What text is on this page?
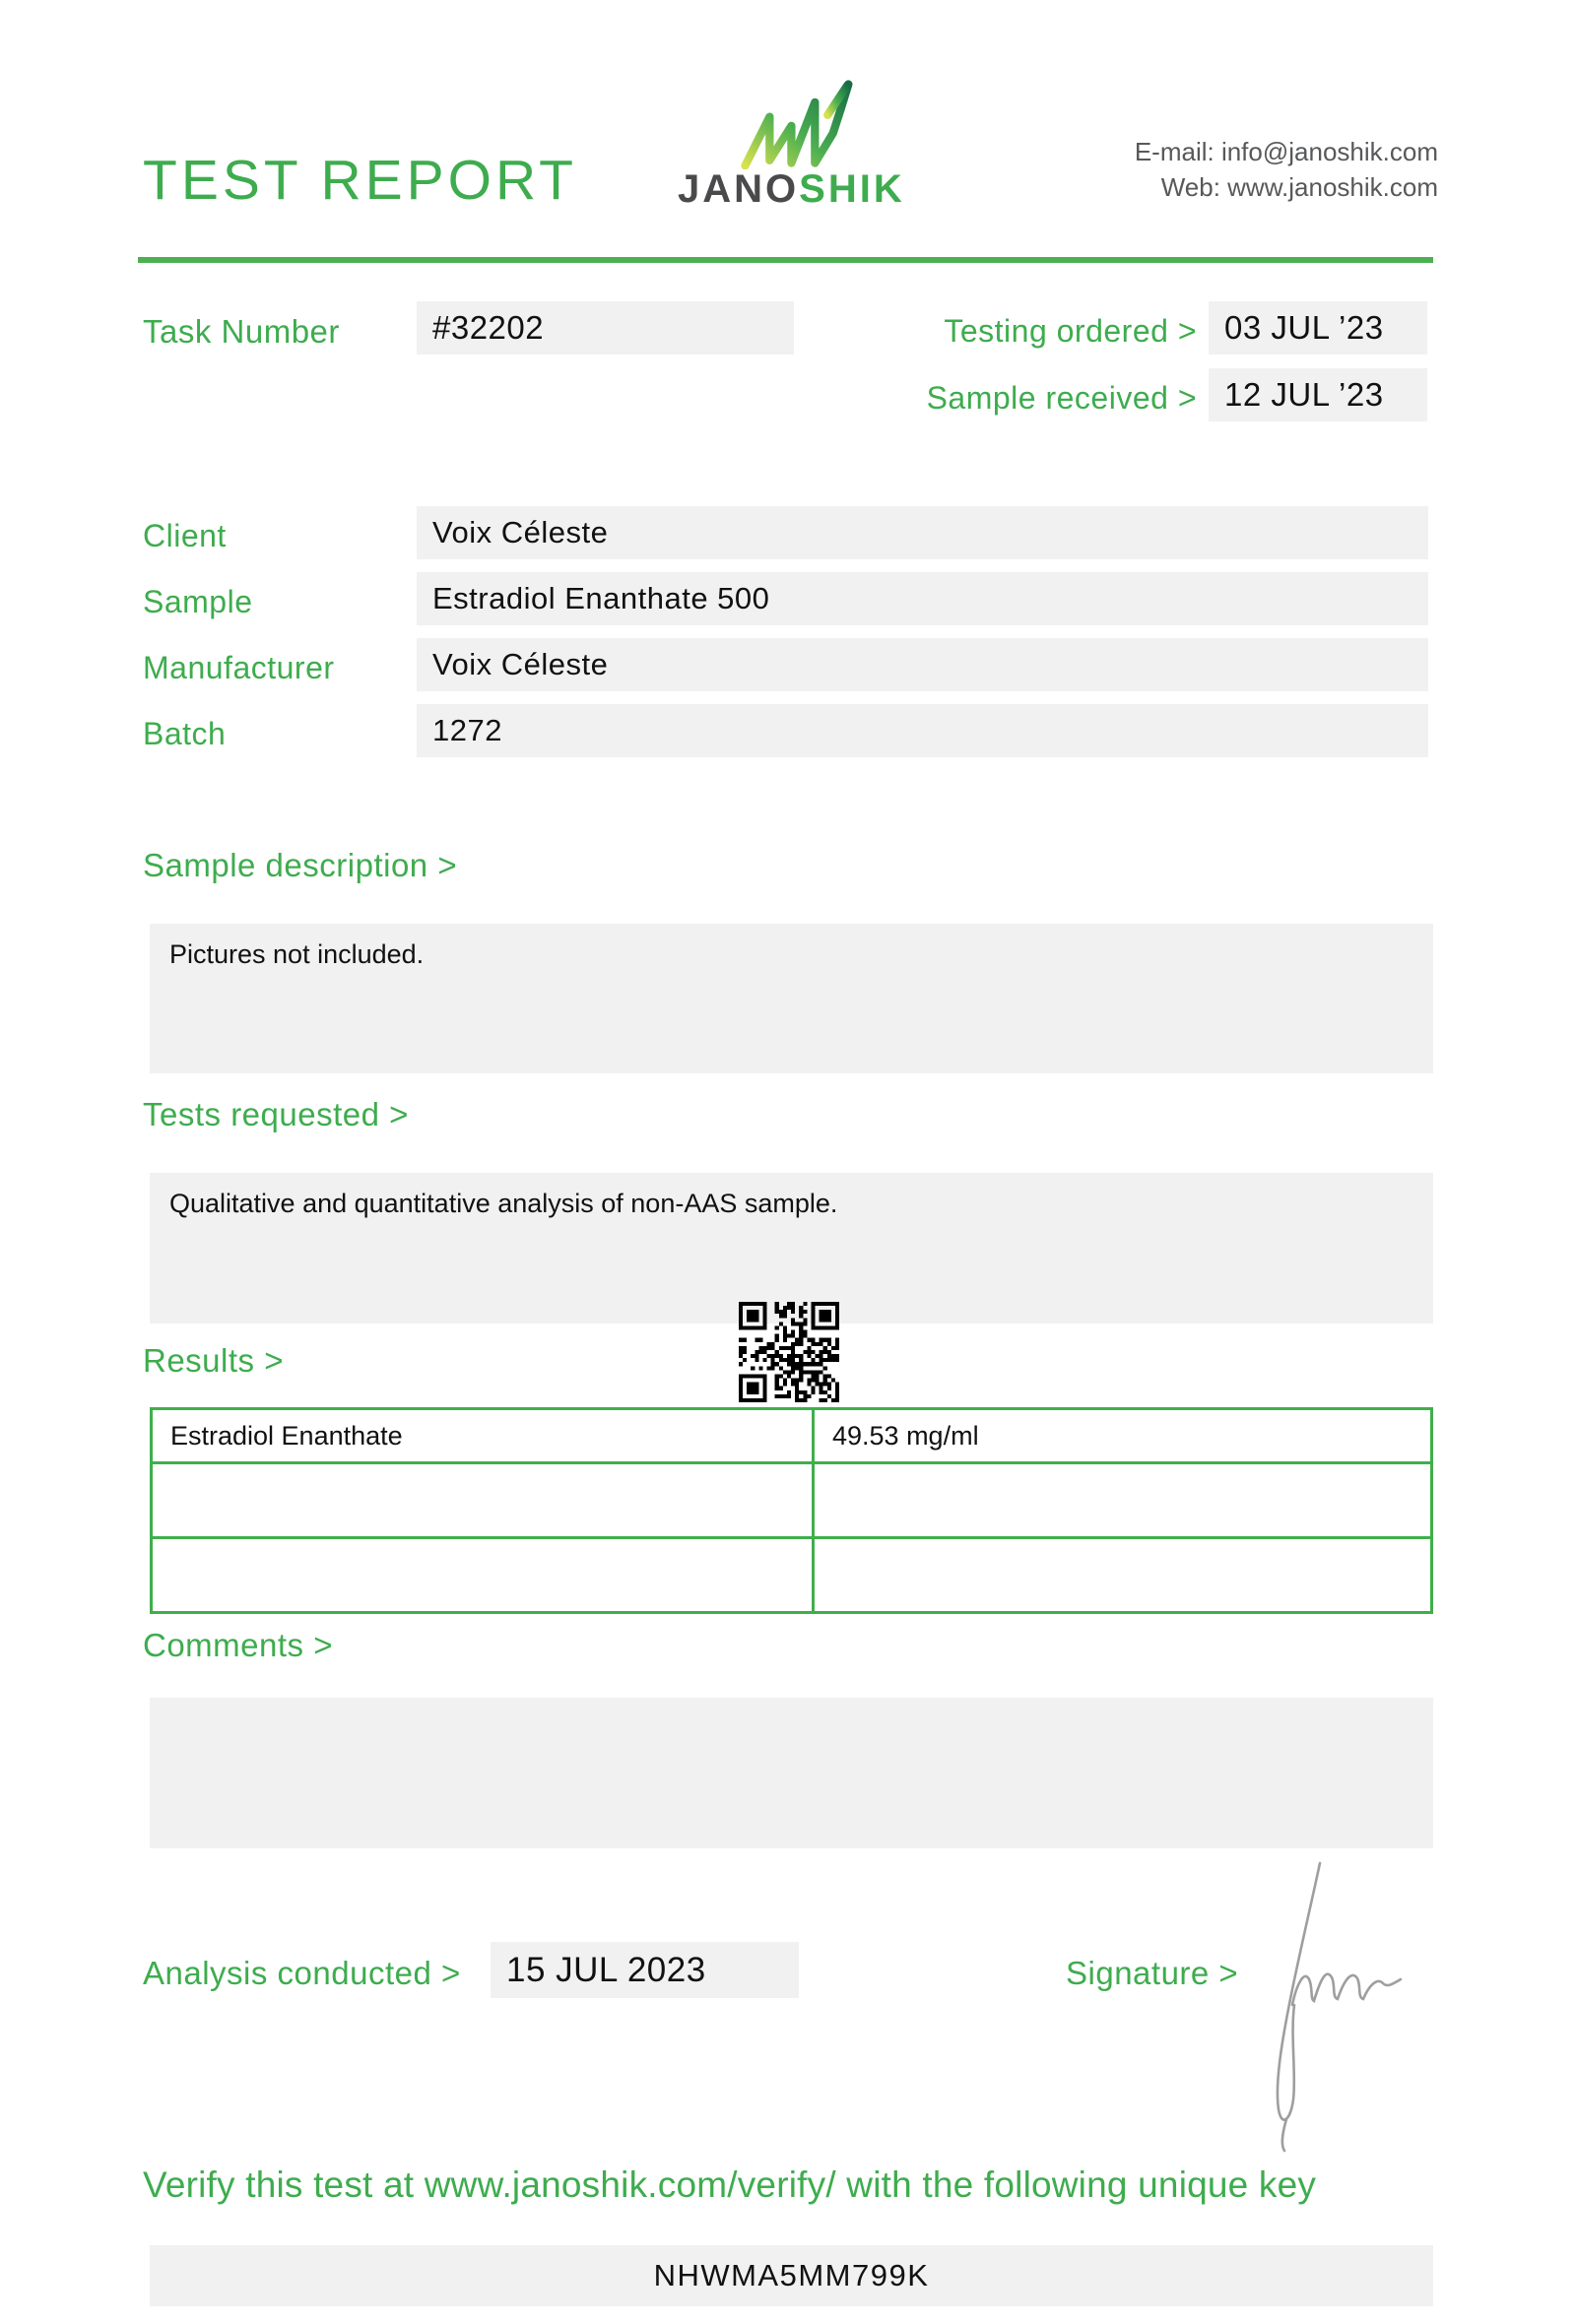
TEST REPORT	JANOSHIK
E-mail: info@janoshik.com
Web: www.janoshik.com
Task Number	#32202	Testing ordered > 03 JUL ’23
Sample received > 12 JUL ’23
Client	Voix Céleste
Sample	Estradiol Enanthate 500
Manufacturer	Voix Céleste
Batch	1272
Sample description >
Pictures not included.
Tests requested >
Qualitative and quantitative analysis of non-AAS sample.
Results >
Estradiol Enanthate	49.53 mg/ml

Comments >
Analysis conducted > 15 JUL 2023	Signature >
Verify this test at www.janoshik.com/verify/ with the following unique key
NHWMA5MM799K
